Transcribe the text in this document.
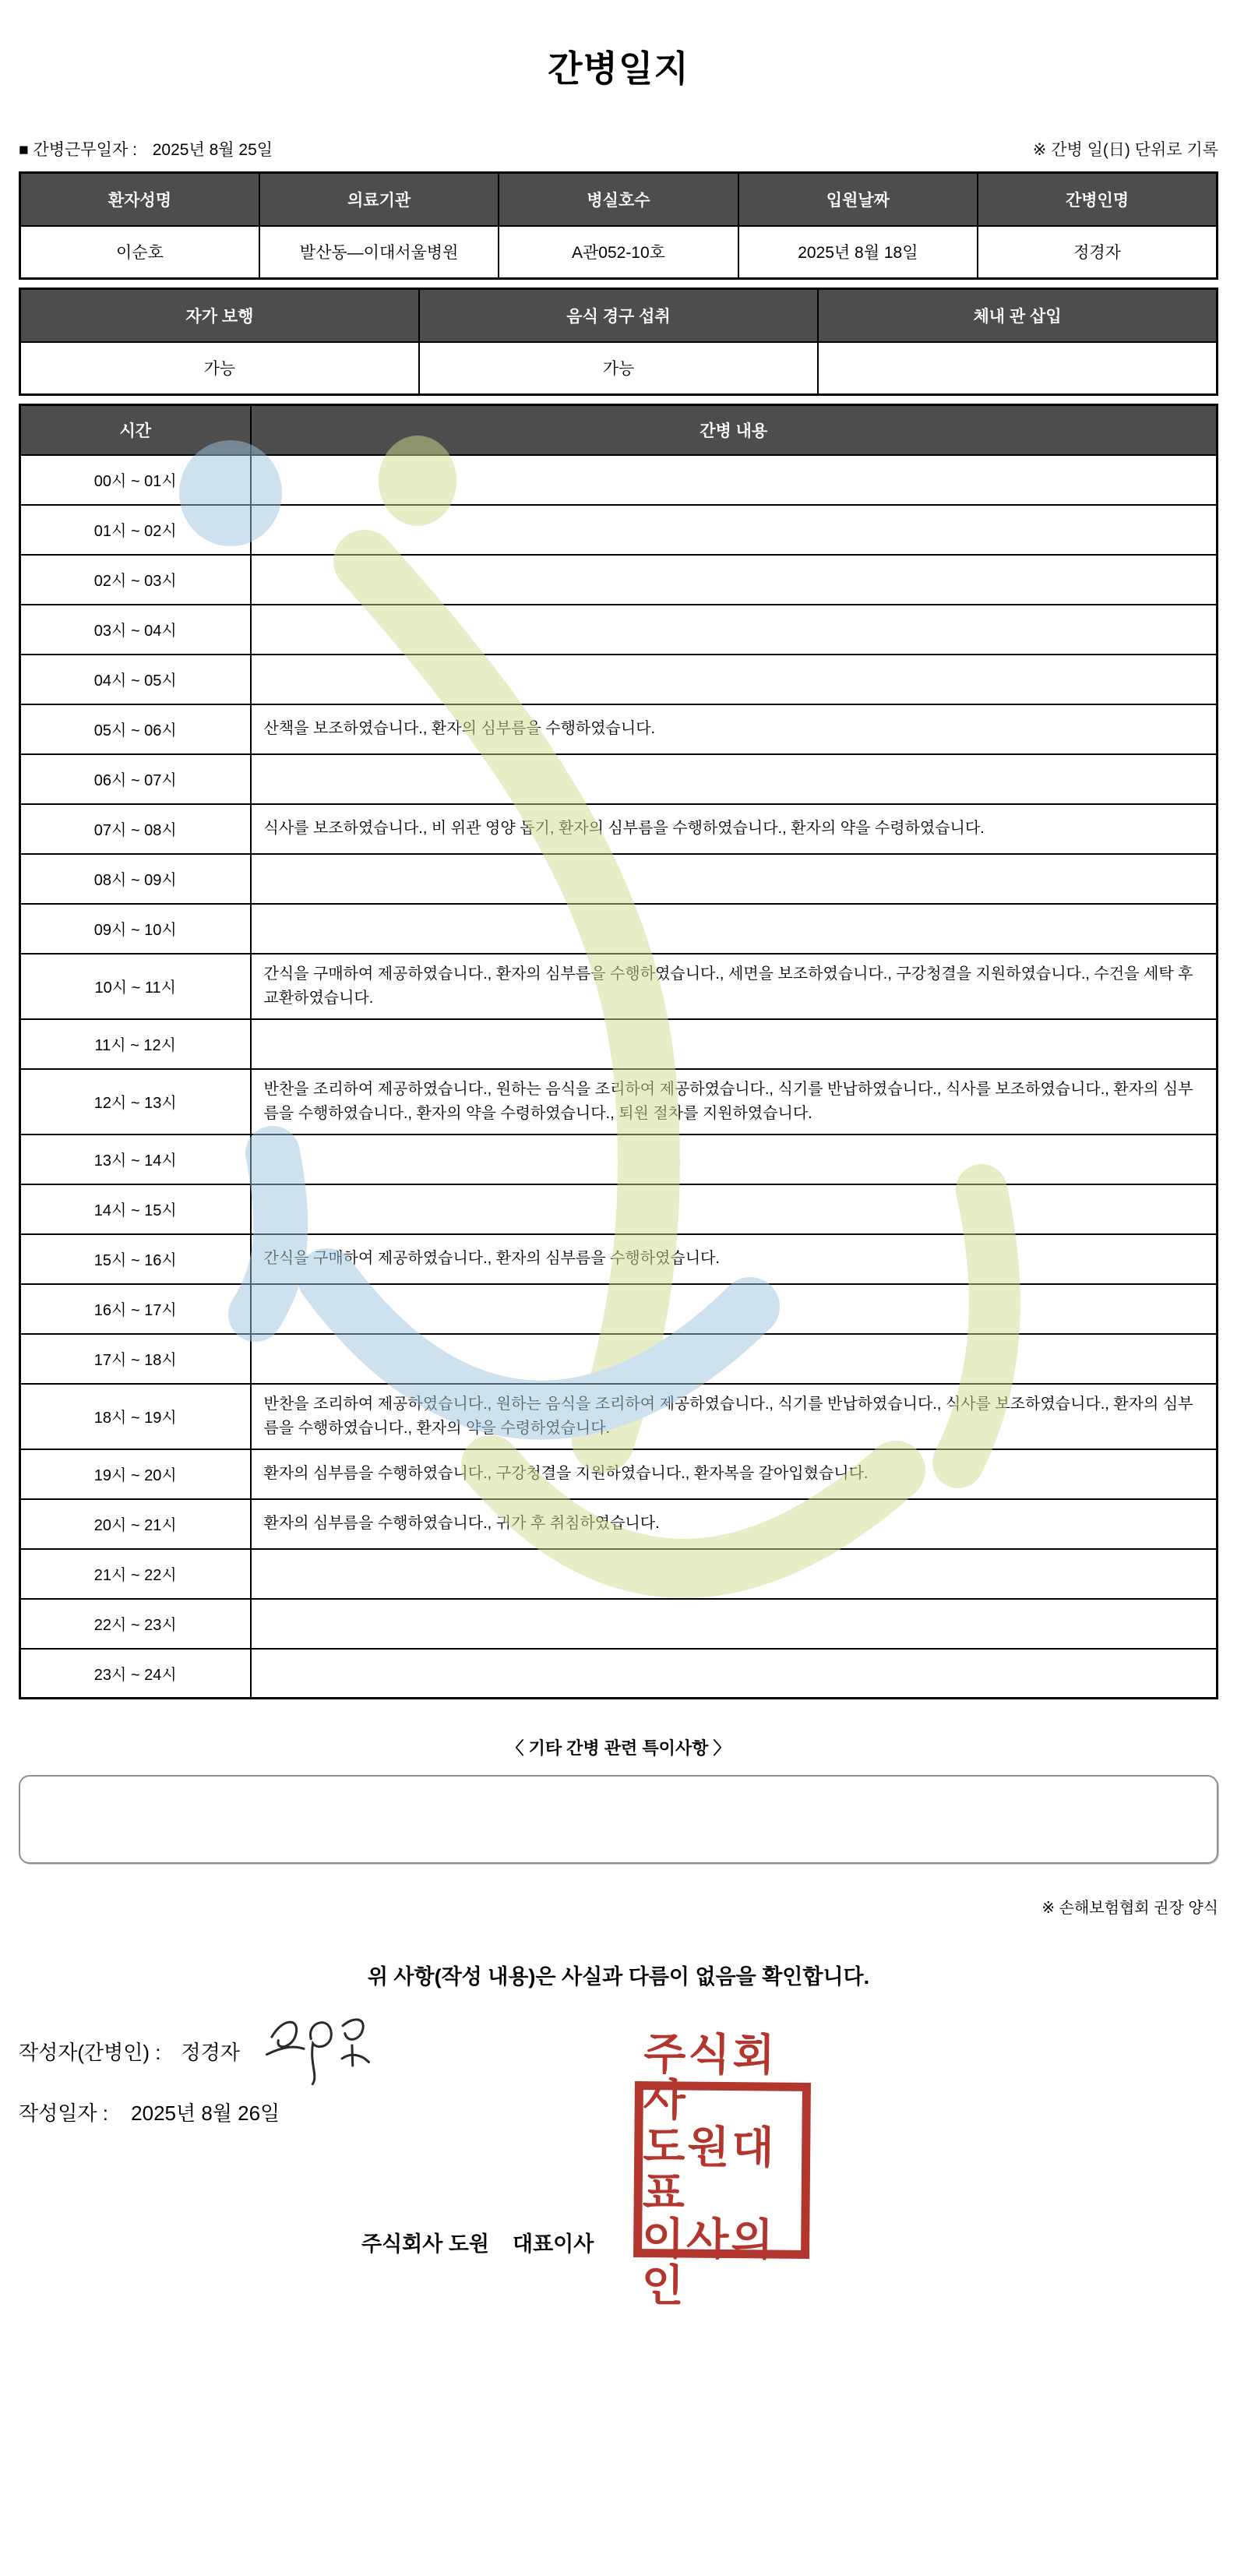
간병일지
■ 간병근무일자 : 2025년 8월 25일	※ 간병 일(日) 단위로 기록
환자성명	의료기관	병실호수	입원날짜	간병인명
이순호	발산동—이대서울병원	A관052-10호	2025년 8월 18일	정경자
자가 보행	음식 경구 섭취	체내 관 삽입
가능	가능	
시간	간병 내용
00시 ~ 01시	
01시 ~ 02시	
02시 ~ 03시	
03시 ~ 04시	
04시 ~ 05시	
05시 ~ 06시	산책을 보조하였습니다., 환자의 심부름을 수행하였습니다.
06시 ~ 07시	
07시 ~ 08시	식사를 보조하였습니다., 비 위관 영양 돕기, 환자의 심부름을 수행하였습니다., 환자의 약을 수령하였습니다.
08시 ~ 09시	
09시 ~ 10시	
10시 ~ 11시	간식을 구매하여 제공하였습니다., 환자의 심부름을 수행하였습니다., 세면을 보조하였습니다., 구강청결을 지원하였습니다., 수건을 세탁 후 교환하였습니다.
11시 ~ 12시	
12시 ~ 13시	반찬을 조리하여 제공하였습니다., 원하는 음식을 조리하여 제공하였습니다., 식기를 반납하였습니다., 식사를 보조하였습니다., 환자의 심부름을 수행하였습니다., 환자의 약을 수령하였습니다., 퇴원 절차를 지원하였습니다.
13시 ~ 14시	
14시 ~ 15시	
15시 ~ 16시	간식을 구매하여 제공하였습니다., 환자의 심부름을 수행하였습니다.
16시 ~ 17시	
17시 ~ 18시	
18시 ~ 19시	반찬을 조리하여 제공하였습니다., 원하는 음식을 조리하여 제공하였습니다., 식기를 반납하였습니다., 식사를 보조하였습니다., 환자의 심부름을 수행하였습니다., 환자의 약을 수령하였습니다.
19시 ~ 20시	환자의 심부름을 수행하였습니다., 구강청결을 지원하였습니다., 환자복을 갈아입혔습니다.
20시 ~ 21시	환자의 심부름을 수행하였습니다., 귀가 후 취침하였습니다.
21시 ~ 22시	
22시 ~ 23시	
23시 ~ 24시	
〈 기타 간병 관련 특이사항 〉
※ 손해보험협회 권장 양식
위 사항(작성 내용)은 사실과 다름이 없음을 확인합니다.
작성자(간병인) : 정경자
작성일자 : 2025년 8월 26일
주식회사 도원    대표이사
주식회사
도원대표
이사의인
